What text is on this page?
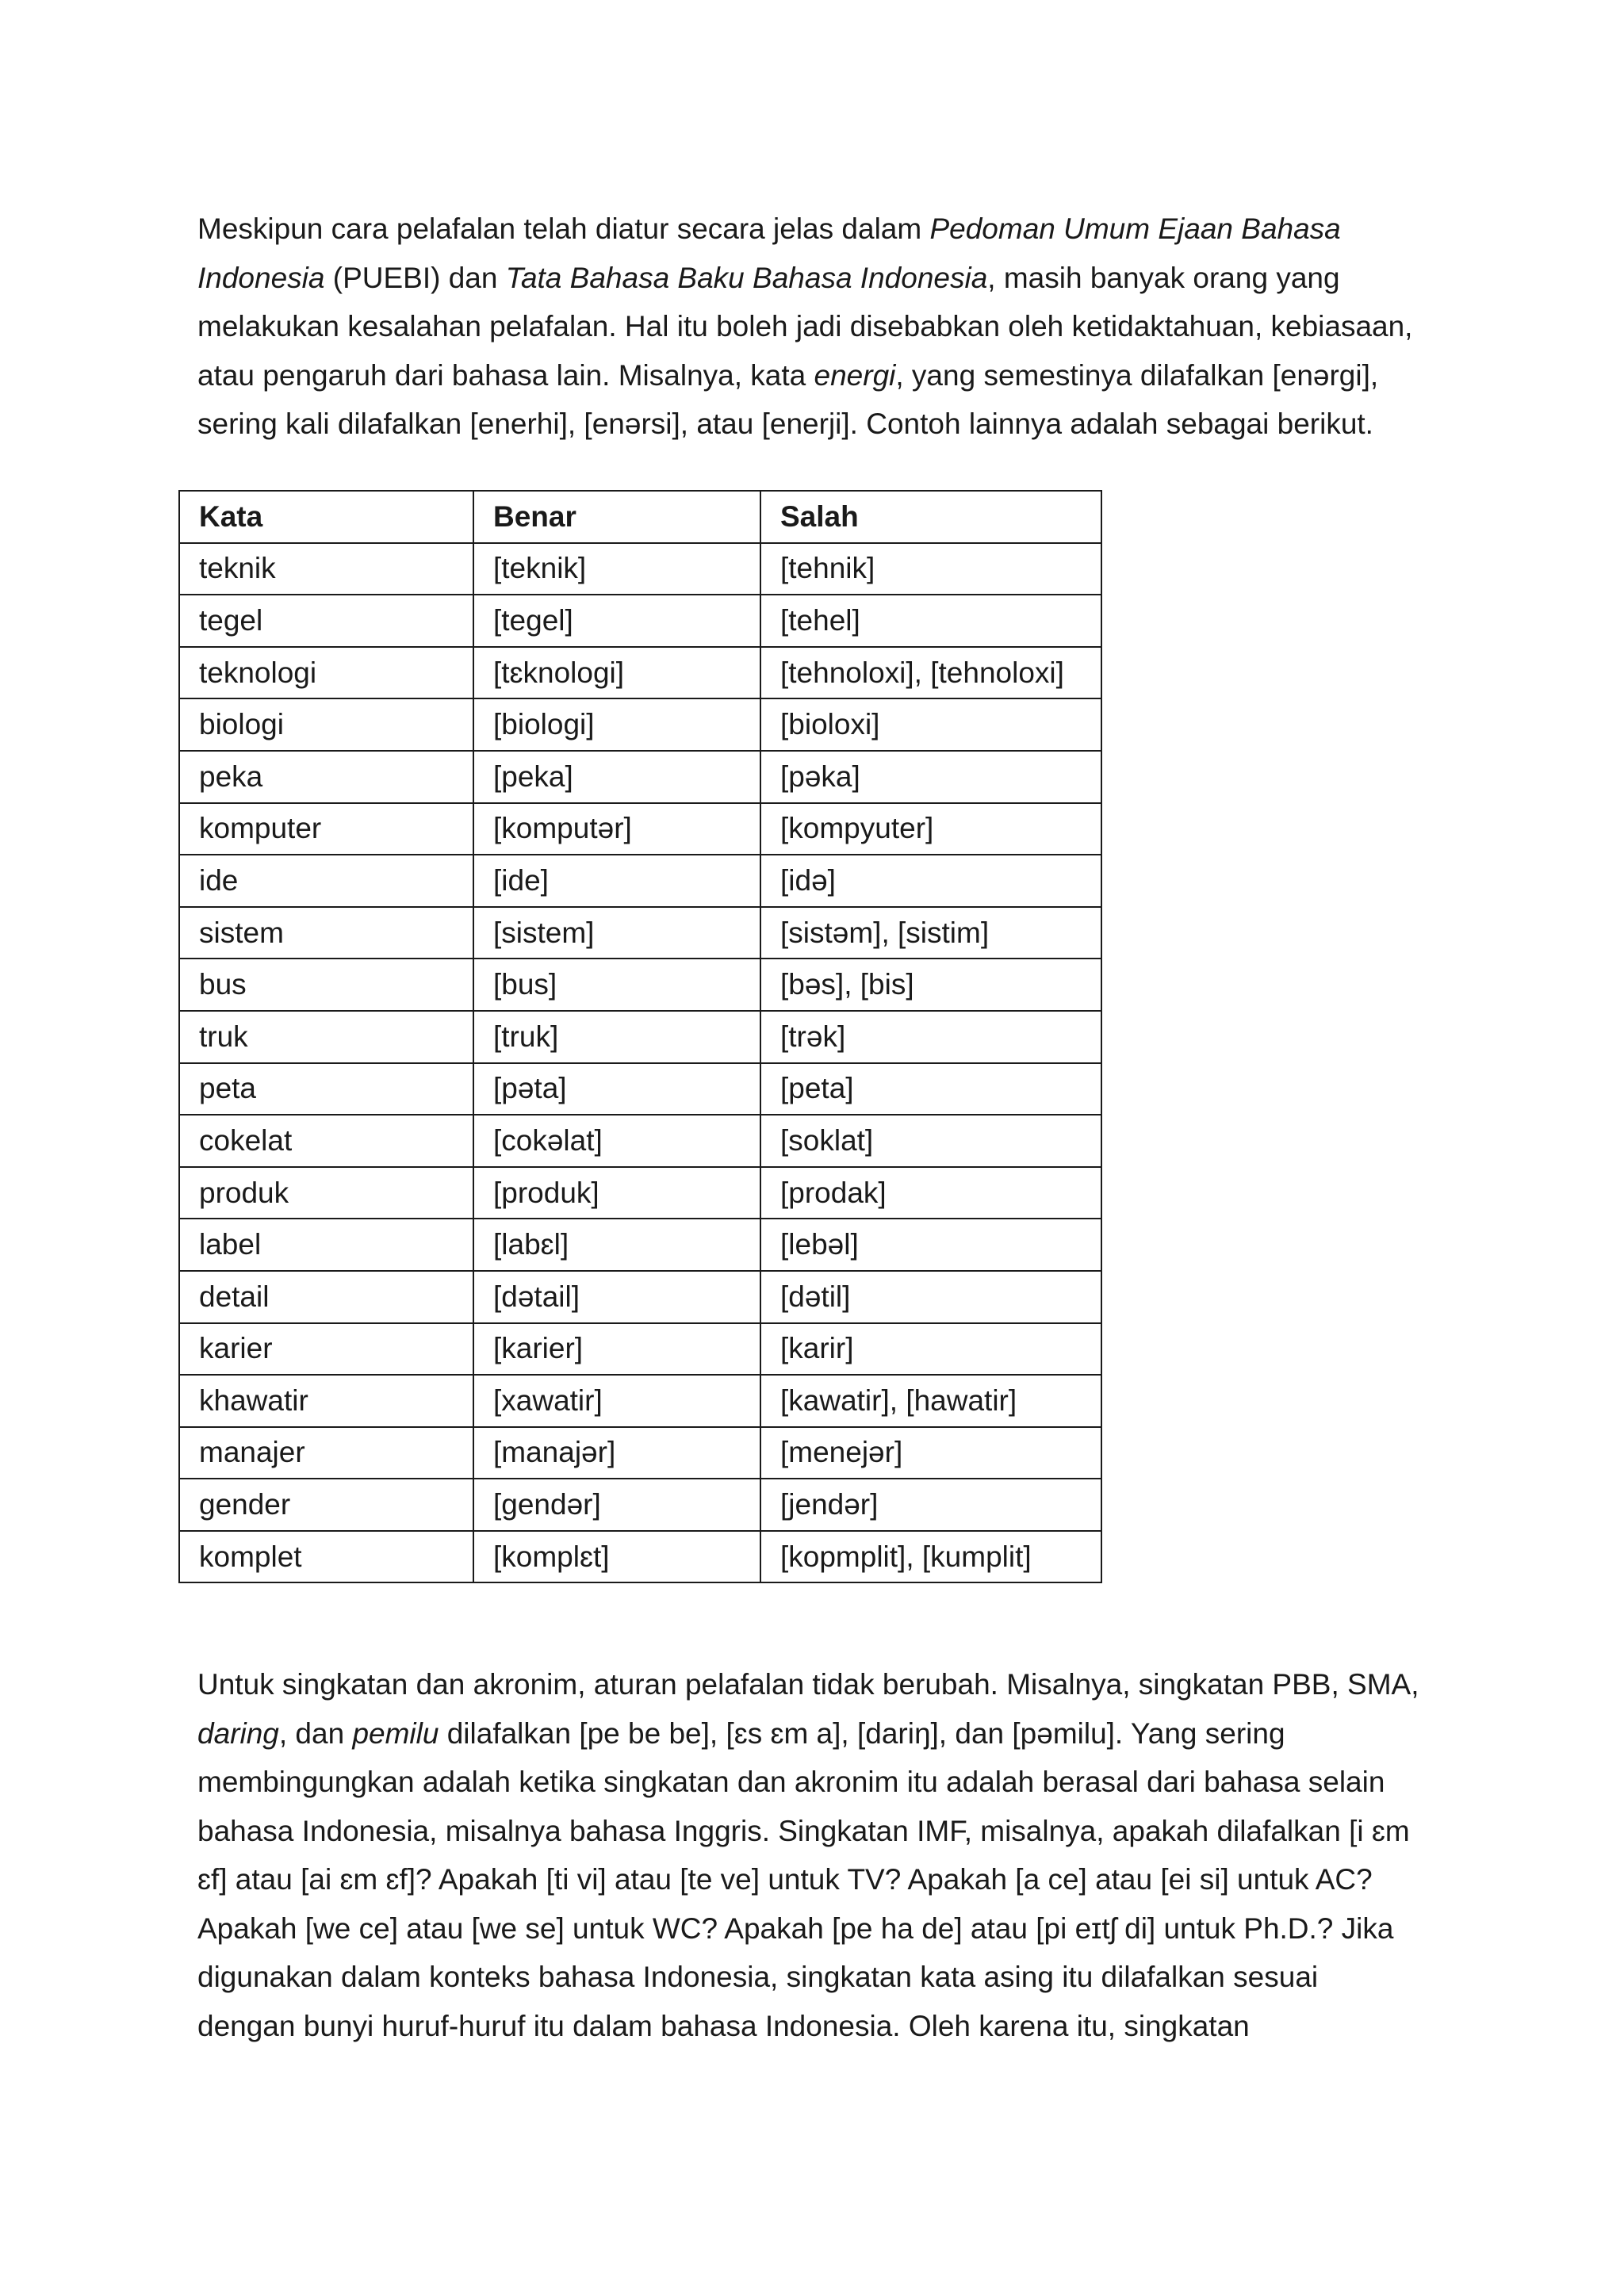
Meskipun cara pelafalan telah diatur secara jelas dalam Pedoman Umum Ejaan Bahasa Indonesia (PUEBI) dan Tata Bahasa Baku Bahasa Indonesia, masih banyak orang yang melakukan kesalahan pelafalan. Hal itu boleh jadi disebabkan oleh ketidaktahuan, kebiasaan, atau pengaruh dari bahasa lain. Misalnya, kata energi, yang semestinya dilafalkan [enərgi], sering kali dilafalkan [enerhi], [enərsi], atau [enerji]. Contoh lainnya adalah sebagai berikut.

Kata	Benar	Salah
teknik	[teknik]	[tehnik]
tegel	[tegel]	[tehel]
teknologi	[tɛknologi]	[tehnoloxi], [tehnoloxi]
biologi	[biologi]	[bioloxi]
peka	[peka]	[pəka]
komputer	[komputər]	[kompyuter]
ide	[ide]	[idə]
sistem	[sistem]	[sistəm], [sistim]
bus	[bus]	[bəs], [bis]
truk	[truk]	[trək]
peta	[pəta]	[peta]
cokelat	[cokəlat]	[soklat]
produk	[produk]	[prodak]
label	[labɛl]	[lebəl]
detail	[dətail]	[dətil]
karier	[karier]	[karir]
khawatir	[xawatir]	[kawatir], [hawatir]
manajer	[manajər]	[menejər]
gender	[gendər]	[jendər]
komplet	[komplɛt]	[kopmplit], [kumplit]

Untuk singkatan dan akronim, aturan pelafalan tidak berubah. Misalnya, singkatan PBB, SMA, daring, dan pemilu dilafalkan [pe be be], [ɛs ɛm a], [dariŋ], dan [pəmilu]. Yang sering membingungkan adalah ketika singkatan dan akronim itu adalah berasal dari bahasa selain bahasa Indonesia, misalnya bahasa Inggris. Singkatan IMF, misalnya, apakah dilafalkan [i ɛm ɛf] atau [ai ɛm ɛf]? Apakah [ti vi] atau [te ve] untuk TV? Apakah [a ce] atau [ei si] untuk AC? Apakah [we ce] atau [we se] untuk WC? Apakah [pe ha de] atau [pi eɪtʃ di] untuk Ph.D.? Jika digunakan dalam konteks bahasa Indonesia, singkatan kata asing itu dilafalkan sesuai dengan bunyi huruf-huruf itu dalam bahasa Indonesia. Oleh karena itu, singkatan
